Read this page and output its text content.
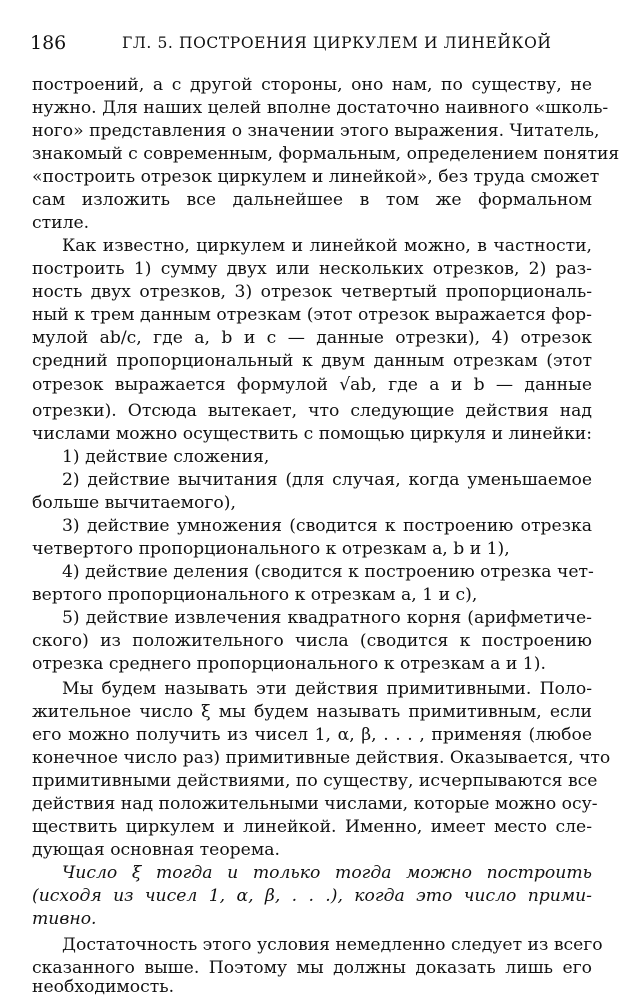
186	ГЛ. 5. ПОСТРОЕНИЯ ЦИРКУЛЕМ И ЛИНЕЙКОЙ
построений, а с другой стороны, оно нам, по существу, не
нужно. Для наших целей вполне достаточно наивного «школь-
ного» представления о значении этого выражения. Читатель,
знакомый с современным, формальным, определением понятия
«построить отрезок циркулем и линейкой», без труда сможет
сам изложить все дальнейшее в том же формальном
стиле.
Как известно, циркулем и линейкой можно, в частности,
построить 1) сумму двух или нескольких отрезков, 2) раз-
ность двух отрезков, 3) отрезок четвертый пропорциональ-
ный к трем данным отрезкам (этот отрезок выражается фор-
мулой ab/c, где a, b и c — данные отрезки), 4) отрезок
средний пропорциональный к двум данным отрезкам (этот
отрезок выражается формулой √ab, где a и b — данные
отрезки). Отсюда вытекает, что следующие действия над
числами можно осуществить с помощью циркуля и линейки:
1) действие сложения,
2) действие вычитания (для случая, когда уменьшаемое
больше вычитаемого),
3) действие умножения (сводится к построению отрезка
четвертого пропорционального к отрезкам a, b и 1),
4) действие деления (сводится к построению отрезка чет-
вертого пропорционального к отрезкам a, 1 и c),
5) действие извлечения квадратного корня (арифметиче-
ского) из положительного числа (сводится к построению
отрезка среднего пропорционального к отрезкам a и 1).
Мы будем называть эти действия примитивными. Поло-
жительное число ξ мы будем называть примитивным, если
его можно получить из чисел 1, α, β, . . . , применяя (любое
конечное число раз) примитивные действия. Оказывается, что
примитивными действиями, по существу, исчерпываются все
действия над положительными числами, которые можно осу-
ществить циркулем и линейкой. Именно, имеет место сле-
дующая основная теорема.
Число ξ тогда и только тогда можно построить
(исходя из чисел 1, α, β, . . .), когда это число прими-
тивно.
Достаточность этого условия немедленно следует из всего
сказанного выше. Поэтому мы должны доказать лишь его
необходимость.
